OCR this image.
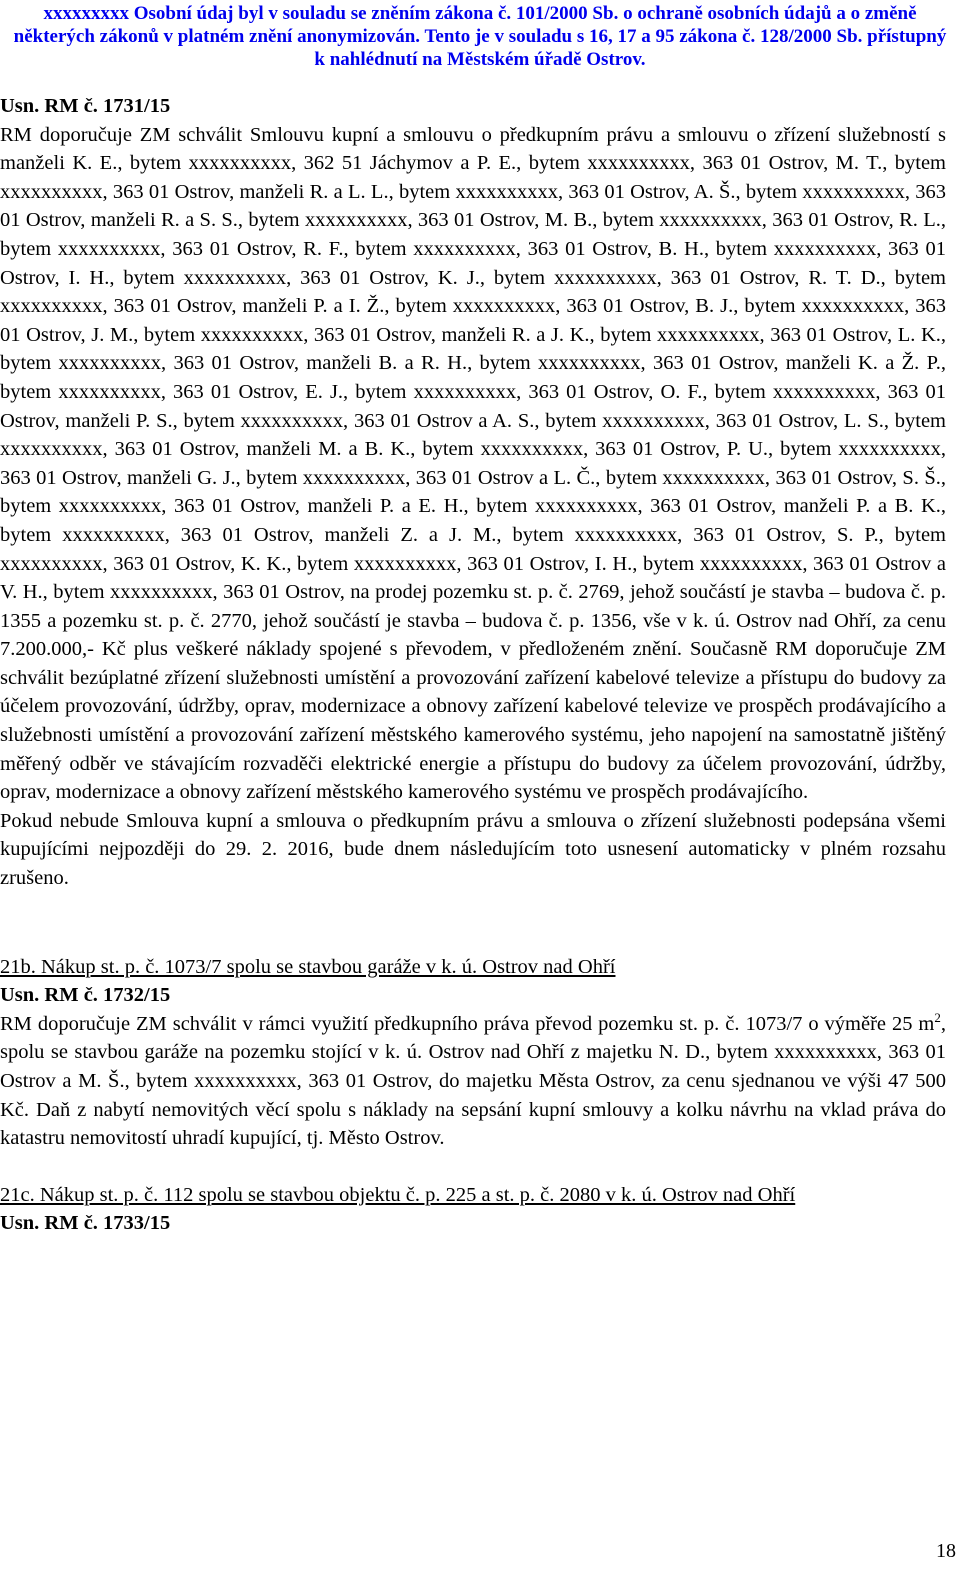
xxxxxxxxx Osobní údaj byl v souladu se zněním zákona č. 101/2000 Sb. o ochraně osobních údajů a o změně některých zákonů v platném znění anonymizován. Tento je v souladu s 16, 17 a 95 zákona č. 128/2000 Sb. přístupný k nahlédnutí na Městském úřadě Ostrov.

Usn. RM č. 1731/15

RM doporučuje ZM schválit Smlouvu kupní a smlouvu o předkupním právu a smlouvu o zřízení služebností s manželi K. E., bytem xxxxxxxxxx, 362 51 Jáchymov a P. E., bytem xxxxxxxxxx, 363 01 Ostrov, M. T., bytem xxxxxxxxxx, 363 01 Ostrov, manželi R. a L. L., bytem xxxxxxxxxx, 363 01 Ostrov, A. Š., bytem xxxxxxxxxx, 363 01 Ostrov, manželi R. a S. S., bytem xxxxxxxxxx, 363 01 Ostrov, M. B., bytem xxxxxxxxxx, 363 01 Ostrov, R. L., bytem xxxxxxxxxx, 363 01 Ostrov, R. F., bytem xxxxxxxxxx, 363 01 Ostrov, B. H., bytem xxxxxxxxxx, 363 01 Ostrov, I. H., bytem xxxxxxxxxx, 363 01 Ostrov, K. J., bytem xxxxxxxxxx, 363 01 Ostrov, R. T. D., bytem xxxxxxxxxx, 363 01 Ostrov, manželi P. a I. Ž., bytem xxxxxxxxxx, 363 01 Ostrov, B. J., bytem xxxxxxxxxx, 363 01 Ostrov, J. M., bytem xxxxxxxxxx, 363 01 Ostrov, manželi R. a J. K., bytem xxxxxxxxxx, 363 01 Ostrov, L. K., bytem xxxxxxxxxx, 363 01 Ostrov, manželi B. a R. H., bytem xxxxxxxxxx, 363 01 Ostrov, manželi K. a Ž. P., bytem xxxxxxxxxx, 363 01 Ostrov, E. J., bytem xxxxxxxxxx, 363 01 Ostrov, O. F., bytem xxxxxxxxxx, 363 01 Ostrov, manželi P. S., bytem xxxxxxxxxx, 363 01 Ostrov a A. S., bytem xxxxxxxxxx, 363 01 Ostrov, L. S., bytem xxxxxxxxxx, 363 01 Ostrov, manželi M. a B. K., bytem xxxxxxxxxx, 363 01 Ostrov, P. U., bytem xxxxxxxxxx, 363 01 Ostrov, manželi G. J., bytem xxxxxxxxxx, 363 01 Ostrov a L. Č., bytem xxxxxxxxxx, 363 01 Ostrov, S. Š., bytem xxxxxxxxxx, 363 01 Ostrov, manželi P. a E. H., bytem xxxxxxxxxx, 363 01 Ostrov, manželi P. a B. K., bytem xxxxxxxxxx, 363 01 Ostrov, manželi Z. a J. M., bytem xxxxxxxxxx, 363 01 Ostrov, S. P., bytem xxxxxxxxxx, 363 01 Ostrov, K. K., bytem xxxxxxxxxx, 363 01 Ostrov, I. H., bytem xxxxxxxxxx, 363 01 Ostrov a V. H., bytem xxxxxxxxxx, 363 01 Ostrov, na prodej pozemku st. p. č. 2769, jehož součástí je stavba – budova č. p. 1355 a pozemku st. p. č. 2770, jehož součástí je stavba – budova č. p. 1356, vše v k. ú. Ostrov nad Ohří, za cenu 7.200.000,- Kč plus veškeré náklady spojené s převodem, v předloženém znění. Současně RM doporučuje ZM schválit bezúplatné zřízení služebnosti umístění a provozování zařízení kabelové televize a přístupu do budovy za účelem provozování, údržby, oprav, modernizace a obnovy zařízení kabelové televize ve prospěch prodávajícího a služebnosti umístění a provozování zařízení městského kamerového systému, jeho napojení na samostatně jištěný měřený odběr ve stávajícím rozvaděči elektrické energie a přístupu do budovy za účelem provozování, údržby, oprav, modernizace a obnovy zařízení městského kamerového systému ve prospěch prodávajícího.

Pokud nebude Smlouva kupní a smlouva o předkupním právu a smlouva o zřízení služebnosti podepsána všemi kupujícími nejpozději do 29. 2. 2016, bude dnem následujícím toto usnesení automaticky v plném rozsahu zrušeno.

21b. Nákup st. p. č. 1073/7 spolu se stavbou garáže v k. ú. Ostrov nad Ohří

Usn. RM č. 1732/15

RM doporučuje ZM schválit v rámci využití předkupního práva převod pozemku st. p. č. 1073/7 o výměře 25 $m^2$, spolu se stavbou garáže na pozemku stojící v k. ú. Ostrov nad Ohří z majetku N. D., bytem xxxxxxxxxx, 363 01 Ostrov a M. Š., bytem xxxxxxxxxx, 363 01 Ostrov, do majetku Města Ostrov, za cenu sjednanou ve výši 47 500 Kč. Daň z nabytí nemovitých věcí spolu s náklady na sepsání kupní smlouvy a kolku návrhu na vklad práva do katastru nemovitostí uhradí kupující, tj. Město Ostrov.

21c. Nákup st. p. č. 112 spolu se stavbou objektu č. p. 225 a st. p. č. 2080 v k. ú. Ostrov nad Ohří

Usn. RM č. 1733/15

18
